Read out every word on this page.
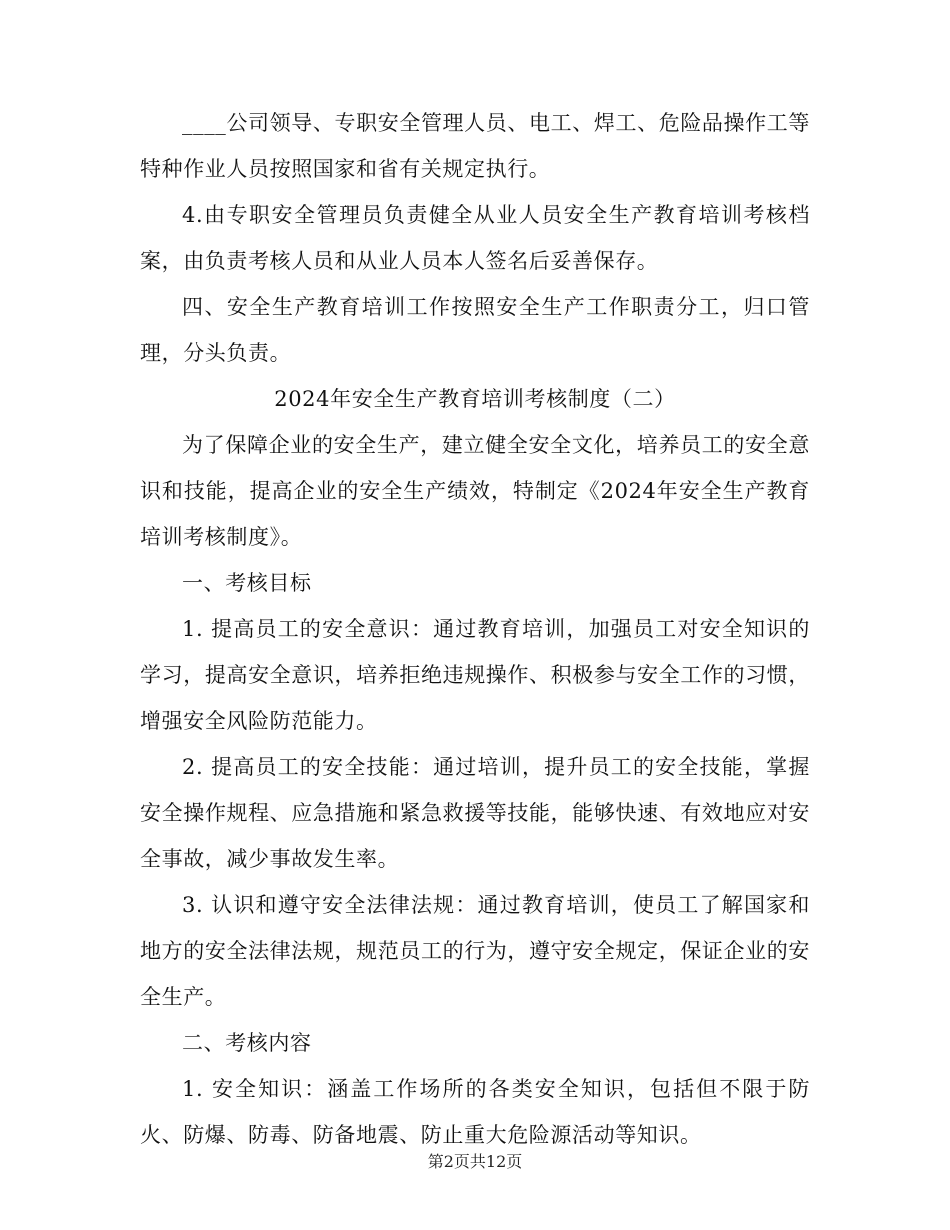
____公司领导、专职安全管理人员、电工、焊工、危险品操作工等特种作业人员按照国家和省有关规定执行。

4.由专职安全管理员负责健全从业人员安全生产教育培训考核档案，由负责考核人员和从业人员本人签名后妥善保存。

四、安全生产教育培训工作按照安全生产工作职责分工，归口管理，分头负责。

2024年安全生产教育培训考核制度（二）

为了保障企业的安全生产，建立健全安全文化，培养员工的安全意识和技能，提高企业的安全生产绩效，特制定《2024年安全生产教育培训考核制度》。

一、考核目标

1. 提高员工的安全意识：通过教育培训，加强员工对安全知识的学习，提高安全意识，培养拒绝违规操作、积极参与安全工作的习惯，增强安全风险防范能力。

2. 提高员工的安全技能：通过培训，提升员工的安全技能，掌握安全操作规程、应急措施和紧急救援等技能，能够快速、有效地应对安全事故，减少事故发生率。

3. 认识和遵守安全法律法规：通过教育培训，使员工了解国家和地方的安全法律法规，规范员工的行为，遵守安全规定，保证企业的安全生产。

二、考核内容

1. 安全知识：涵盖工作场所的各类安全知识，包括但不限于防火、防爆、防毒、防备地震、防止重大危险源活动等知识。

第2页共12页
